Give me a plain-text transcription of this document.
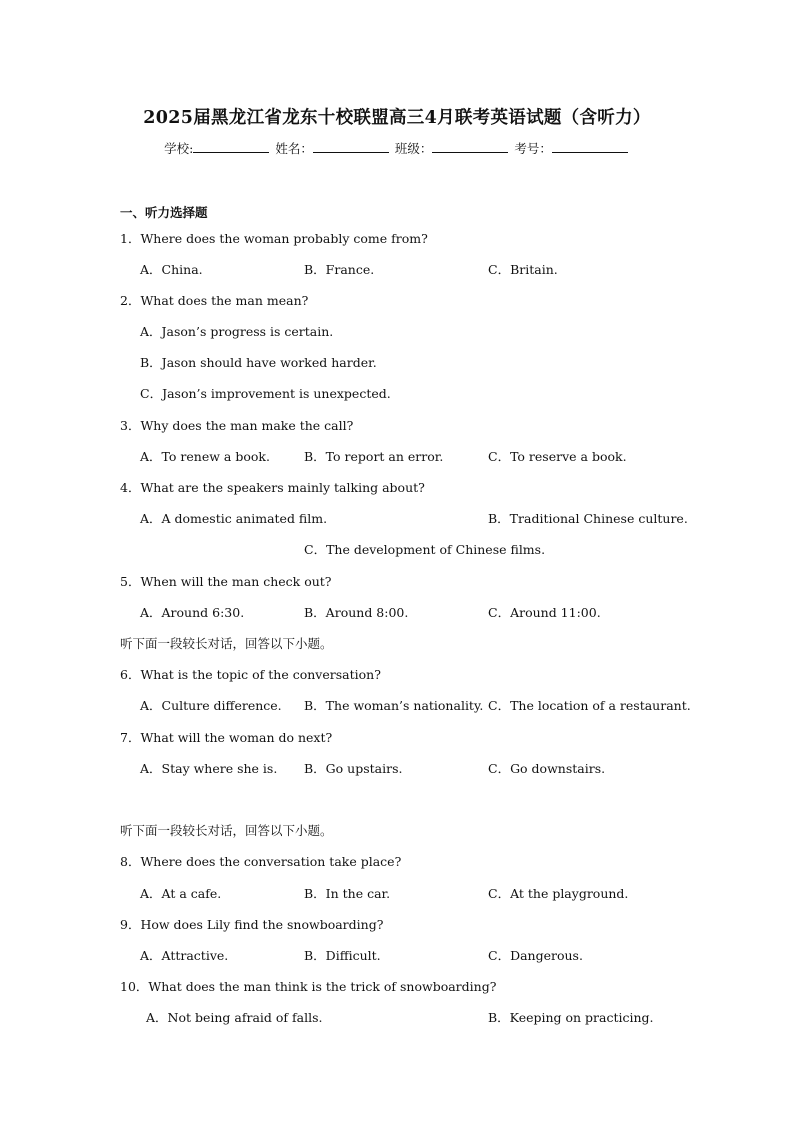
2025届黑龙江省龙东十校联盟高三4月联考英语试题（含听力）
学校:	姓名：	班级：	考号：
一、听力选择题
1．Where does the woman probably come from?
A．China.	B．France.	C．Britain.
2．What does the man mean?
A．Jason’s progress is certain.
B．Jason should have worked harder.
C．Jason’s improvement is unexpected.
3．Why does the man make the call?
A．To renew a book.	B．To report an error.	C．To reserve a book.
4．What are the speakers mainly talking about?
A．A domestic animated film.	B．Traditional Chinese culture.
C．The development of Chinese films.
5．When will the man check out?
A．Around 6:30.	B．Around 8:00.	C．Around 11:00.
听下面一段较长对话，回答以下小题。
6．What is the topic of the conversation?
A．Culture difference. B．The woman’s nationality. C．The location of a restaurant.
7．What will the woman do next?
A．Stay where she is. B．Go upstairs.	C．Go downstairs.
听下面一段较长对话，回答以下小题。
8．Where does the conversation take place?
A．At a cafe.	B．In the car.	C．At the playground.
9．How does Lily find the snowboarding?
A．Attractive.	B．Difficult.	C．Dangerous.
10．What does the man think is the trick of snowboarding?
A．Not being afraid of falls.	B．Keeping on practicing.
